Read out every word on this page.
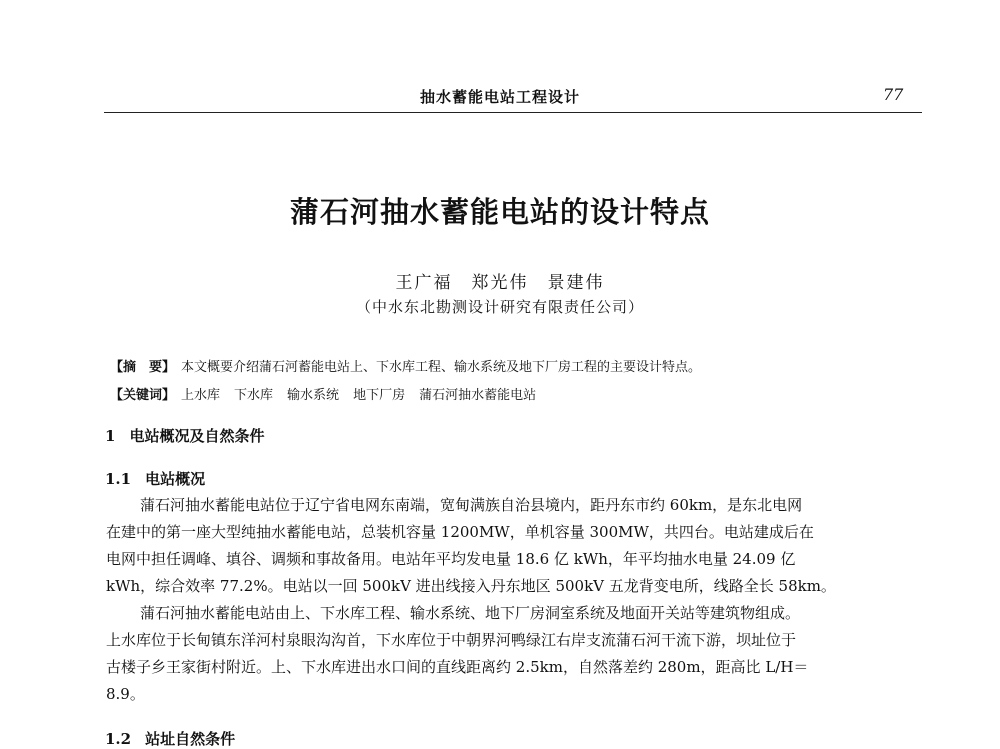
抽水蓄能电站工程设计	77
蒲石河抽水蓄能电站的设计特点
王广福　郑光伟　景建伟
（中水东北勘测设计研究有限责任公司）
【摘　要】 本文概要介绍蒲石河蓄能电站上、下水库工程、输水系统及地下厂房工程的主要设计特点。
【关键词】 上水库 下水库 输水系统 地下厂房 蒲石河抽水蓄能电站
1 电站概况及自然条件
1.1 电站概况
蒲石河抽水蓄能电站位于辽宁省电网东南端，宽甸满族自治县境内，距丹东市约 60km，是东北电网
在建中的第一座大型纯抽水蓄能电站，总装机容量 1200MW，单机容量 300MW，共四台。电站建成后在
电网中担任调峰、填谷、调频和事故备用。电站年平均发电量 18.6 亿 kWh，年平均抽水电量 24.09 亿
kWh，综合效率 77.2%。电站以一回 500kV 进出线接入丹东地区 500kV 五龙背变电所，线路全长 58km。
蒲石河抽水蓄能电站由上、下水库工程、输水系统、地下厂房洞室系统及地面开关站等建筑物组成。
上水库位于长甸镇东洋河村泉眼沟沟首，下水库位于中朝界河鸭绿江右岸支流蒲石河干流下游，坝址位于
古楼子乡王家街村附近。上、下水库进出水口间的直线距离约 2.5km，自然落差约 280m，距高比 L/H＝
8.9。
1.2 站址自然条件
